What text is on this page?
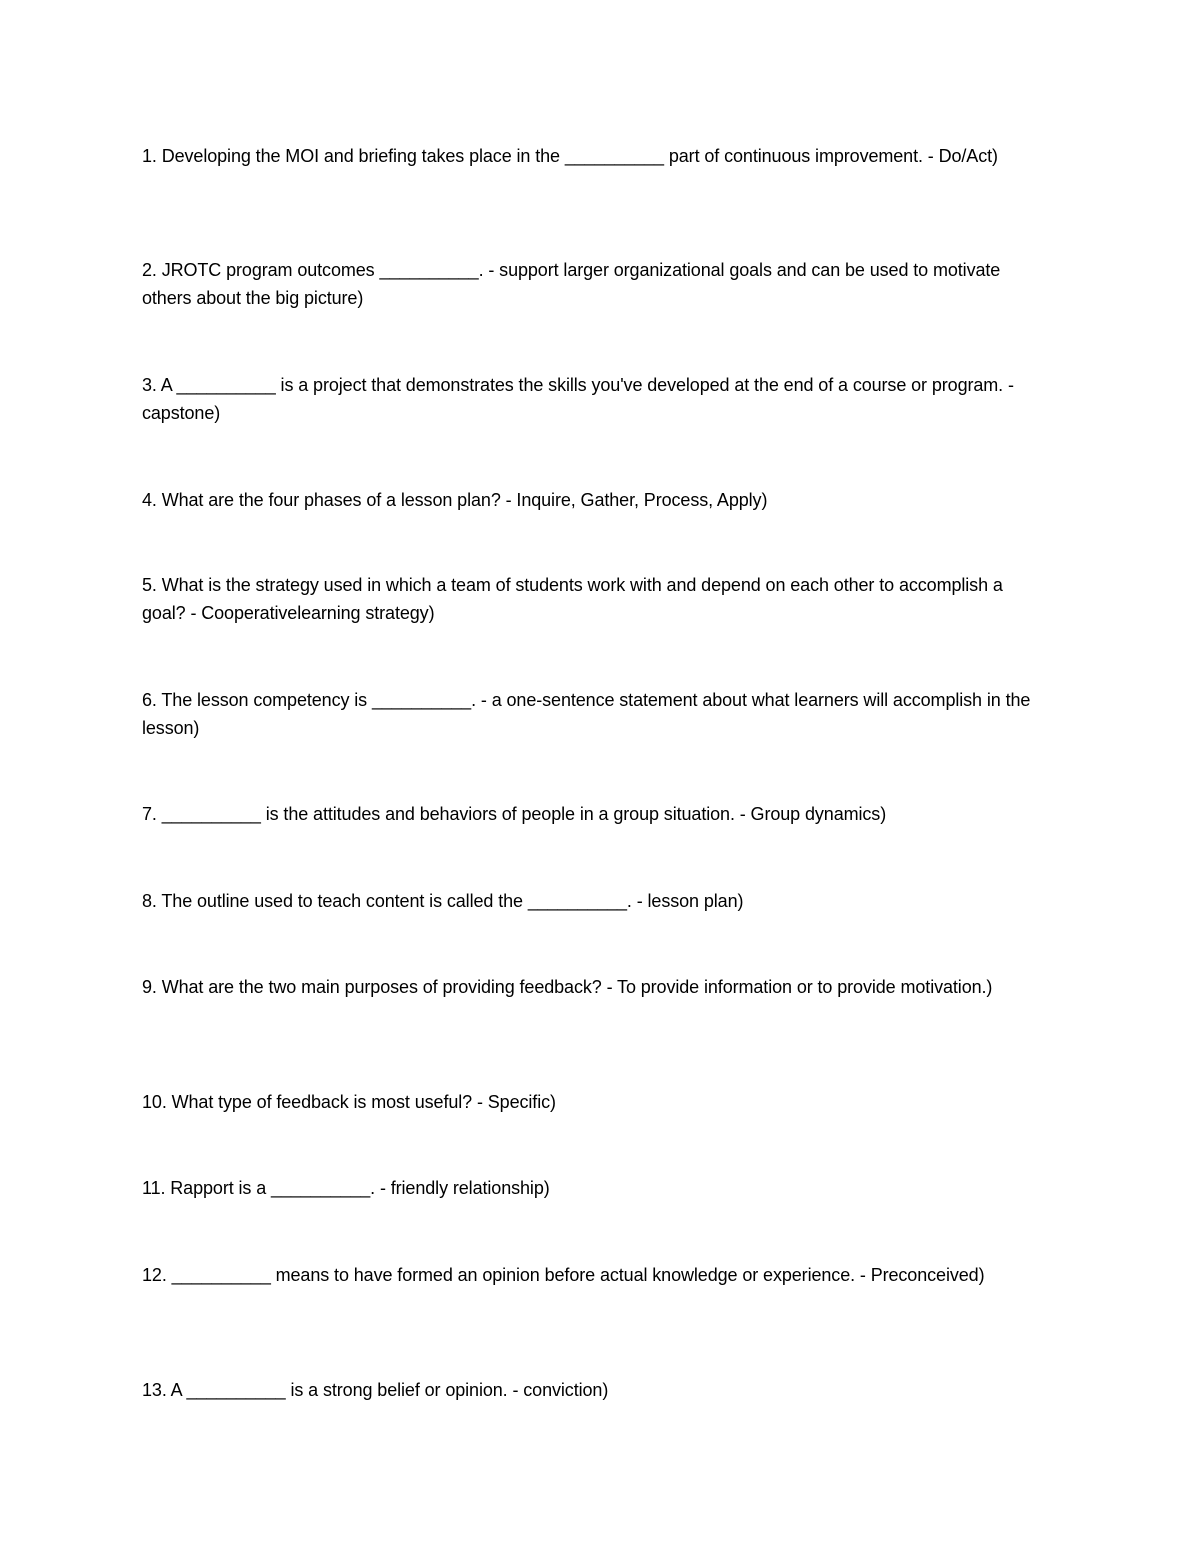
1. Developing the MOI and briefing takes place in the __________ part of continuous improvement. - Do/Act)

2. JROTC program outcomes __________. - support larger organizational goals and can be used to motivate others about the big picture)

3. A __________ is a project that demonstrates the skills you've developed at the end of a course or program. - capstone)

4. What are the four phases of a lesson plan? - Inquire, Gather, Process, Apply)

5. What is the strategy used in which a team of students work with and depend on each other to accomplish a goal? - Cooperativelearning strategy)

6. The lesson competency is __________. - a one-sentence statement about what learners will accomplish in the lesson)

7. __________ is the attitudes and behaviors of people in a group situation. - Group dynamics)

8. The outline used to teach content is called the __________. - lesson plan)

9. What are the two main purposes of providing feedback? - To provide information or to provide motivation.)

10. What type of feedback is most useful? - Specific)

11. Rapport is a __________. - friendly relationship)

12. __________ means to have formed an opinion before actual knowledge or experience. - Preconceived)

13. A __________ is a strong belief or opinion. - conviction)
